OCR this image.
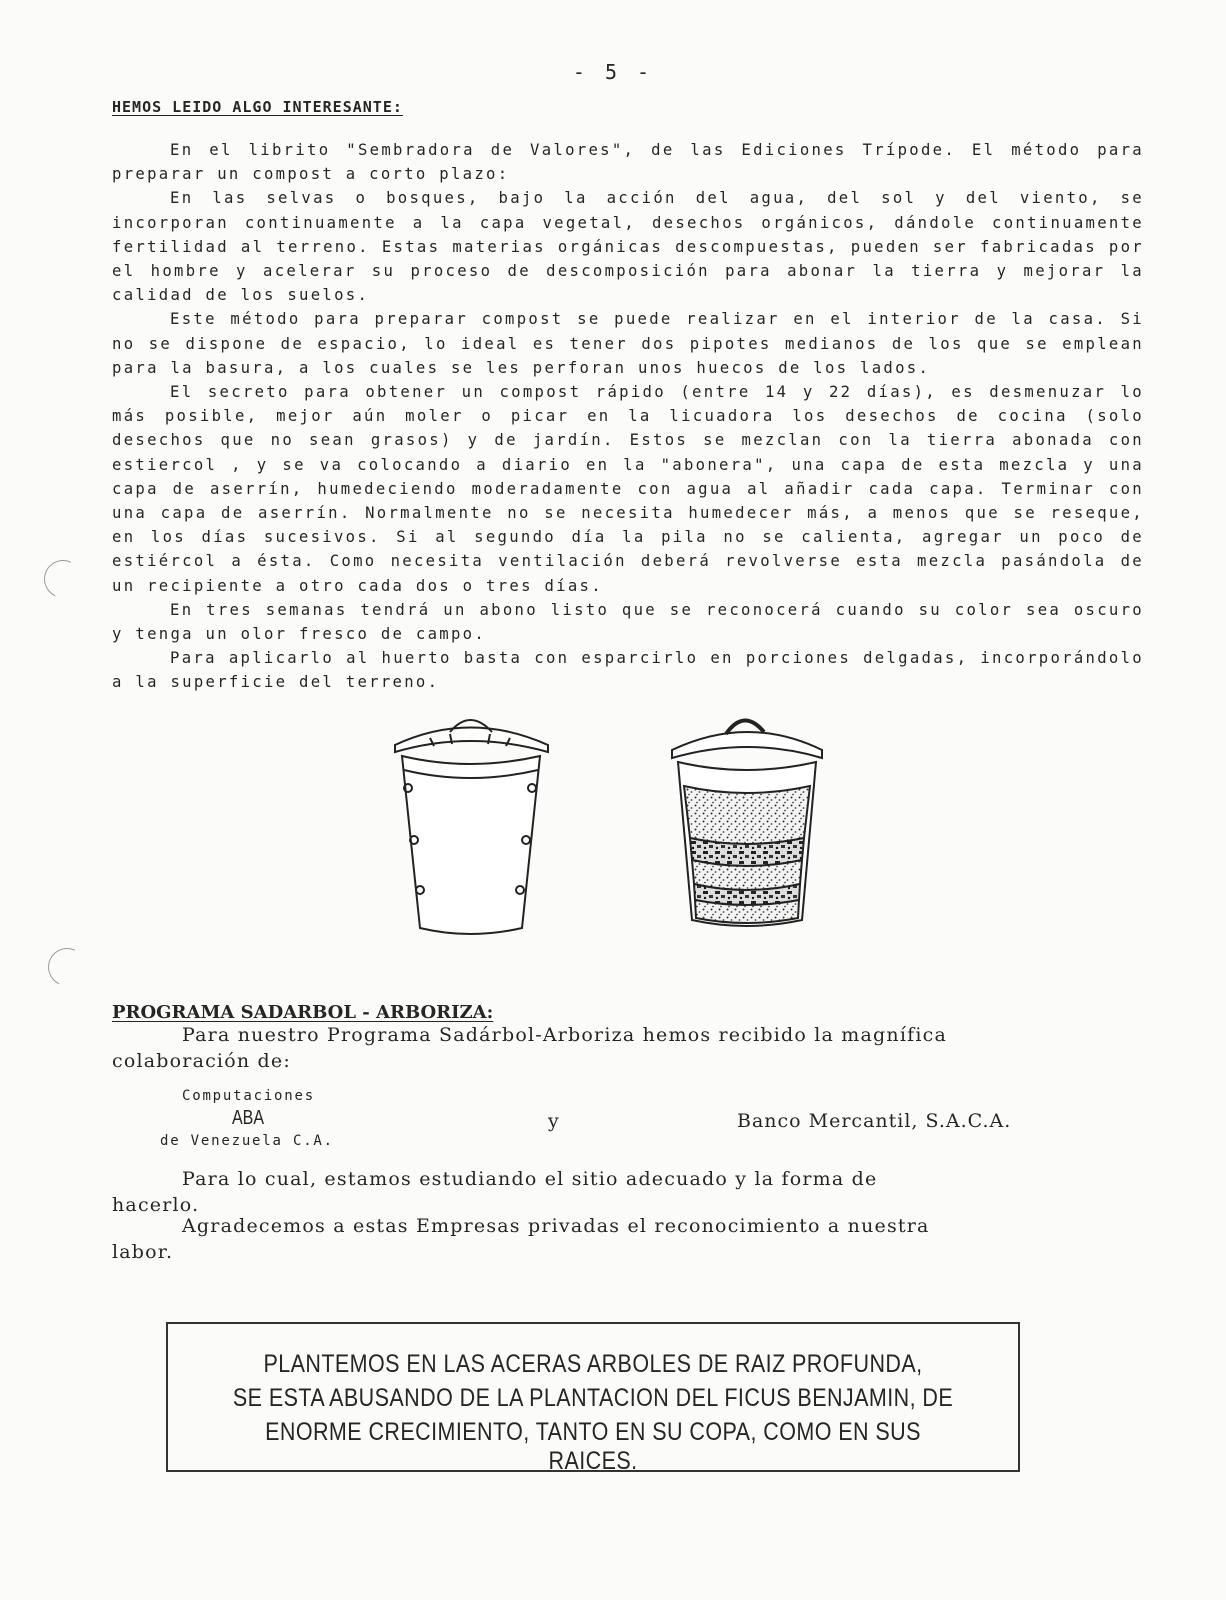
- 5 -
HEMOS LEIDO ALGO INTERESANTE:

En el librito "Sembradora de Valores", de las Ediciones Trípode. El método para preparar un compost a corto plazo:

En las selvas o bosques, bajo la acción del agua, del sol y del viento, se incorporan continuamente a la capa vegetal, desechos orgánicos, dándole continuamente fertilidad al terreno. Estas materias orgánicas descompuestas, pueden ser fabricadas por el hombre y acelerar su proceso de descomposición para abonar la tierra y mejorar la calidad de los suelos.

Este método para preparar compost se puede realizar en el interior de la casa. Si no se dispone de espacio, lo ideal es tener dos pipotes medianos de los que se emplean para la basura, a los cuales se les perforan unos huecos de los lados.

El secreto para obtener un compost rápido (entre 14 y 22 días), es desmenuzar lo más posible, mejor aún moler o picar en la licuadora los desechos de cocina (solo desechos que no sean grasos) y de jardín. Estos se mezclan con la tierra abonada con estiercol , y se va colocando a diario en la "abonera", una capa de esta mezcla y una capa de aserrín, humedeciendo moderadamente con agua al añadir cada capa. Terminar con una capa de aserrín. Normalmente no se necesita humedecer más, a menos que se reseque, en los días sucesivos. Si al segundo día la pila no se calienta, agregar un poco de estiércol a ésta. Como necesita ventilación deberá revolverse esta mezcla pasándola de un recipiente a otro cada dos o tres días.

En tres semanas tendrá un abono listo que se reconocerá cuando su color sea oscuro y tenga un olor fresco de campo.

Para aplicarlo al huerto basta con esparcirlo en porciones delgadas, incorporándolo a la superficie del terreno.

PROGRAMA SADARBOL - ARBORIZA:
Para nuestro Programa Sadárbol-Arboriza hemos recibido la magnífica
colaboración de:
Computaciones
ABA
de Venezuela C.A.
y	Banco Mercantil, S.A.C.A.
Para lo cual, estamos estudiando el sitio adecuado y la forma de
hacerlo.
Agradecemos a estas Empresas privadas el reconocimiento a nuestra
labor.
PLANTEMOS EN LAS ACERAS ARBOLES DE RAIZ PROFUNDA,
SE ESTA ABUSANDO DE LA PLANTACION DEL FICUS BENJAMIN, DE
ENORME CRECIMIENTO, TANTO EN SU COPA, COMO EN SUS RAICES.
